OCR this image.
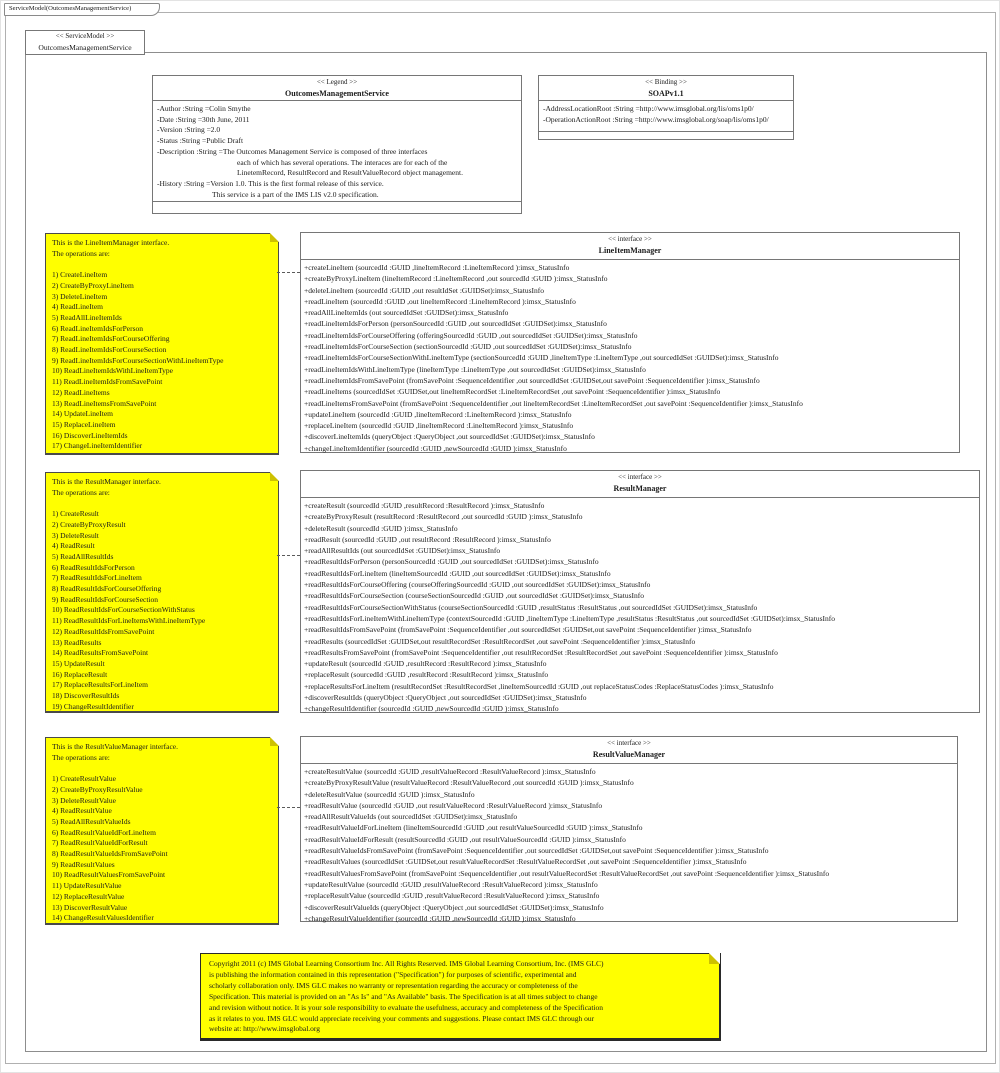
ServiceModel(OutcomesManagementService)
<< ServiceModel >>
OutcomesManagementService
<< Legend >>
OutcomesManagementService
-Author :String =Colin Smythe
-Date :String =30th June, 2011
-Version :String =2.0
-Status :String =Public Draft
-Description :String =The Outcomes Management Service is composed of three interfaces
each of which has several operations. The interaces are for each of the
LinetemRecord, ResultRecord and ResultValueRecord object management.
-History :String =Version 1.0. This is the first formal release of this service.
This service is a part of the IMS LIS v2.0 specification.
<< Binding >>
SOAPv1.1
-AddressLocationRoot :String =http://www.imsglobal.org/lis/oms1p0/
-OperationActionRoot :String =http://www.imsglobal.org/soap/lis/oms1p0/
This is the LineItemManager interface.
The operations are:
1) CreateLineItem
2) CreateByProxyLineItem
3) DeleteLineItem
4) ReadLineItem
5) ReadAllLineItemIds
6) ReadLineItemIdsForPerson
7) ReadLineItemIdsForCourseOffering
8) ReadLineItemIdsForCourseSection
9) ReadLineItemIdsForCourseSectionWithLineItemType
10) ReadLineItemIdsWithLineItemType
11) ReadLineItemIdsFromSavePoint
12) ReadLineItems
13) ReadLineItemsFromSavePoint
14) UpdateLineItem
15) ReplaceLineItem
16) DiscoverLineItemIds
17) ChangeLineItemIdentifier
<< interface >>
LineItemManager
+createLineItem (sourcedId :GUID ,lineItemRecord :LineItemRecord ):imsx_StatusInfo
+createByProxyLineItem (lineItemRecord :LineItemRecord ,out sourcedId :GUID ):imsx_StatusInfo
+deleteLineItem (sourcedId :GUID ,out resultIdSet :GUIDSet):imsx_StatusInfo
+readLineItem (sourcedId :GUID ,out lineItemRecord :LineItemRecord ):imsx_StatusInfo
+readAllLineItemIds (out sourcedIdSet :GUIDSet):imsx_StatusInfo
+readLineItemIdsForPerson (personSourcedId :GUID ,out sourcedIdSet :GUIDSet):imsx_StatusInfo
+readLineItemIdsForCourseOffering (offeringSourcedId :GUID ,out sourcedIdSet :GUIDSet):imsx_StatusInfo
+readLineItemIdsForCourseSection (sectionSourcedId :GUID ,out sourcedIdSet :GUIDSet):imsx_StatusInfo
+readLineItemIdsForCourseSectionWithLineItemType (sectionSourcedId :GUID ,lineItemType :LineItemType ,out sourcedIdSet :GUIDSet):imsx_StatusInfo
+readLineItemIdsWithLineItemType (lineItemType :LineItemType ,out sourcedIdSet :GUIDSet):imsx_StatusInfo
+readLineItemIdsFromSavePoint (fromSavePoint :SequenceIdentifier ,out sourcedIdSet :GUIDSet,out savePoint :SequenceIdentifier ):imsx_StatusInfo
+readLineItems (sourcedIdSet :GUIDSet,out lineItemRecordSet :LineItemRecordSet ,out savePoint :SequenceIdentifier ):imsx_StatusInfo
+readLineItemsFromSavePoint (fromSavePoint :SequenceIdentifier ,out lineItemRecordSet :LineItemRecordSet ,out savePoint :SequenceIdentifier ):imsx_StatusInfo
+updateLineItem (sourcedId :GUID ,lineItemRecord :LineItemRecord ):imsx_StatusInfo
+replaceLineItem (sourcedId :GUID ,lineItemRecord :LineItemRecord ):imsx_StatusInfo
+discoverLineItemIds (queryObject :QueryObject ,out sourcedIdSet :GUIDSet):imsx_StatusInfo
+changeLineItemIdentifier (sourcedId :GUID ,newSourcedId :GUID ):imsx_StatusInfo
This is the ResultManager interface.
The operations are:
1) CreateResult
2) CreateByProxyResult
3) DeleteResult
4) ReadResult
5) ReadAllResultIds
6) ReadResultIdsForPerson
7) ReadResultIdsForLineItem
8) ReadResultIdsForCourseOffering
9) ReadResultIdsForCourseSection
10) ReadResultIdsForCourseSectionWithStatus
11) ReadResultIdsForLineItemsWithLineItemType
12) ReadResultIdsFromSavePoint
13) ReadResults
14) ReadResultsFromSavePoint
15) UpdateResult
16) ReplaceResult
17) ReplaceResultsForLineItem
18) DiscoverResultIds
19) ChangeResultIdentifier
<< interface >>
ResultManager
+createResult (sourcedId :GUID ,resultRecord :ResultRecord ):imsx_StatusInfo
+createByProxyResult (resultRecord :ResultRecord ,out sourcedId :GUID ):imsx_StatusInfo
+deleteResult (sourcedId :GUID ):imsx_StatusInfo
+readResult (sourcedId :GUID ,out resultRecord :ResultRecord ):imsx_StatusInfo
+readAllResultIds (out sourcedIdSet :GUIDSet):imsx_StatusInfo
+readResultIdsForPerson (personSourcedId :GUID ,out sourcedIdSet :GUIDSet):imsx_StatusInfo
+readResultIdsForLineItem (lineItemSourcedId :GUID ,out sourcedIdSet :GUIDSet):imsx_StatusInfo
+readResultIdsForCourseOffering (courseOfferingSourcedId :GUID ,out sourcedIdSet :GUIDSet):imsx_StatusInfo
+readResultIdsForCourseSection (courseSectionSourcedId :GUID ,out sourcedIdSet :GUIDSet):imsx_StatusInfo
+readResultIdsForCourseSectionWithStatus (courseSectionSourcedId :GUID ,resultStatus :ResultStatus ,out sourcedIdSet :GUIDSet):imsx_StatusInfo
+readResultIdsForLineItemWithLineItemType (contextSourcedId :GUID ,lineItemType :LineItemType ,resultStatus :ResultStatus ,out sourcedIdSet :GUIDSet):imsx_StatusInfo
+readResultIdsFromSavePoint (fromSavePoint :SequenceIdentifier ,out sourcedIdSet :GUIDSet,out savePoint :SequenceIdentifier ):imsx_StatusInfo
+readResults (sourcedIdSet :GUIDSet,out resultRecordSet :ResultRecordSet ,out savePoint :SequenceIdentifier ):imsx_StatusInfo
+readResultsFromSavePoint (fromSavePoint :SequenceIdentifier ,out resultRecordSet :ResultRecordSet ,out savePoint :SequenceIdentifier ):imsx_StatusInfo
+updateResult (sourcedId :GUID ,resultRecord :ResultRecord ):imsx_StatusInfo
+replaceResult (sourcedId :GUID ,resultRecord :ResultRecord ):imsx_StatusInfo
+replaceResultsForLineItem (resultRecordSet :ResultRecordSet ,lineItemSourcedId :GUID ,out replaceStatusCodes :ReplaceStatusCodes ):imsx_StatusInfo
+discoverResultIds (queryObject :QueryObject ,out sourcedIdSet :GUIDSet):imsx_StatusInfo
+changeResultIdentifier (sourcedId :GUID ,newSourcedId :GUID ):imsx_StatusInfo
This is the ResultValueManager interface.
The operations are:
1) CreateResultValue
2) CreateByProxyResultValue
3) DeleteResultValue
4) ReadResultValue
5) ReadAllResultValueIds
6) ReadResultValueIdForLineItem
7) ReadResultValueIdForResult
8) ReadResultValueIdsFromSavePoint
9) ReadResultValues
10) ReadResultValuesFromSavePoint
11) UpdateResultValue
12) ReplaceResultValue
13) DiscoverResultValue
14) ChangeResultValuesIdentifier
<< interface >>
ResultValueManager
+createResultValue (sourcedId :GUID ,resultValueRecord :ResultValueRecord ):imsx_StatusInfo
+createByProxyResultValue (resultValueRecord :ResultValueRecord ,out sourcedId :GUID ):imsx_StatusInfo
+deleteResultValue (sourcedId :GUID ):imsx_StatusInfo
+readResultValue (sourcedId :GUID ,out resultValueRecord :ResultValueRecord ):imsx_StatusInfo
+readAllResultValueIds (out sourcedIdSet :GUIDSet):imsx_StatusInfo
+readResultValueIdForLineItem (lineItemSourcedId :GUID ,out resultValueSourcedId :GUID ):imsx_StatusInfo
+readResultValueIdForResult (resultSourcedId :GUID ,out resultValueSourcedId :GUID ):imsx_StatusInfo
+readResultValueIdsFromSavePoint (fromSavePoint :SequenceIdentifier ,out sourcedIdSet :GUIDSet,out savePoint :SequenceIdentifier ):imsx_StatusInfo
+readResultValues (sourcedIdSet :GUIDSet,out resultValueRecordSet :ResultValueRecordSet ,out savePoint :SequenceIdentifier ):imsx_StatusInfo
+readResultValuesFromSavePoint (fromSavePoint :SequenceIdentifier ,out resultValueRecordSet :ResultValueRecordSet ,out savePoint :SequenceIdentifier ):imsx_StatusInfo
+updateResultValue (sourcedId :GUID ,resultValueRecord :ResultValueRecord ):imsx_StatusInfo
+replaceResultValue (sourcedId :GUID ,resultValueRecord :ResultValueRecord ):imsx_StatusInfo
+discoverResultValueIds (queryObject :QueryObject ,out sourcedIdSet :GUIDSet):imsx_StatusInfo
+changeResultValueIdentifier (sourcedId :GUID ,newSourcedId :GUID ):imsx_StatusInfo
Copyright 2011 (c) IMS Global Learning Consortium Inc. All Rights Reserved. IMS Global Learning Consortium, Inc. (IMS GLC)
is publishing the information contained in this representation ("Specification") for purposes of scientific, experimental and
scholarly collaboration only. IMS GLC makes no warranty or representation regarding the accuracy or completeness of the
Specification. This material is provided on an "As Is" and "As Available" basis. The Specification is at all times subject to change
and revision without notice. It is your sole responsibility to evaluate the usefulness, accuracy and completeness of the Specification
as it relates to you. IMS GLC would appreciate receiving your comments and suggestions. Please contact IMS GLC through our
website at: http://www.imsglobal.org
